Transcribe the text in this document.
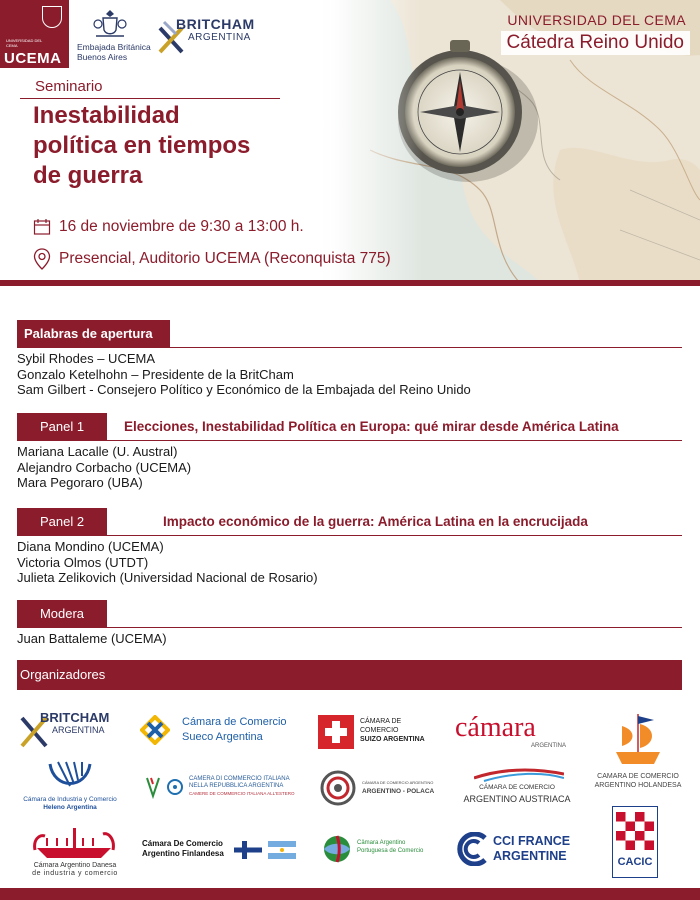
UNIVERSIDAD DEL CEMA
UCEMA
Embajada Británica Buenos Aires
BRITCHAM
ARGENTINA
UNIVERSIDAD DEL CEMA
Cátedra Reino Unido
Seminario
Inestabilidad
política en tiempos
de guerra
16 de noviembre de 9:30 a 13:00 h.
Presencial, Auditorio UCEMA (Reconquista 775)
Palabras de apertura
Sybil Rhodes – UCEMA
Gonzalo Ketelhohn – Presidente de la BritCham
Sam Gilbert - Consejero Político y Económico de la Embajada del Reino Unido
Panel 1	Elecciones, Inestabilidad Política en Europa: qué mirar desde América Latina
Mariana Lacalle (U. Austral)
Alejandro Corbacho (UCEMA)
Mara Pegoraro (UBA)
Panel 2	Impacto económico de la guerra: América Latina en la encrucijada
Diana Mondino (UCEMA)
Victoria Olmos (UTDT)
Julieta Zelikovich (Universidad Nacional de Rosario)
Modera
Juan Battaleme (UCEMA)
Organizadores
BRITCHAM
ARGENTINA
Cámara de Comercio
Sueco Argentina
CÁMARA DE
COMERCIO
SUIZO ARGENTINA cámara
ARGENTINA
CAMARA DE COMERCIO
ARGENTINO HOLANDESA
Cámara de Industria y Comercio
Heleno Argentina
CAMERA DI COMMERCIO ITALIANA
NELLA REPUBBLICA ARGENTINA
CAMERE DE COMMERCIO ITALIANA ALL'ESTERO
CÁMARA DE COMERCIO ARGENTINO
ARGENTINO - POLACA
CÁMARA DE COMERCIO
ARGENTINO AUSTRIACA
Cámara Argentino Danesa
de industria y comercio
Cámara De Comercio
Argentino Finlandesa
Câmara Argentino
Portuguesa de Comercio
CCI FRANCE
ARGENTINE	CACIC
